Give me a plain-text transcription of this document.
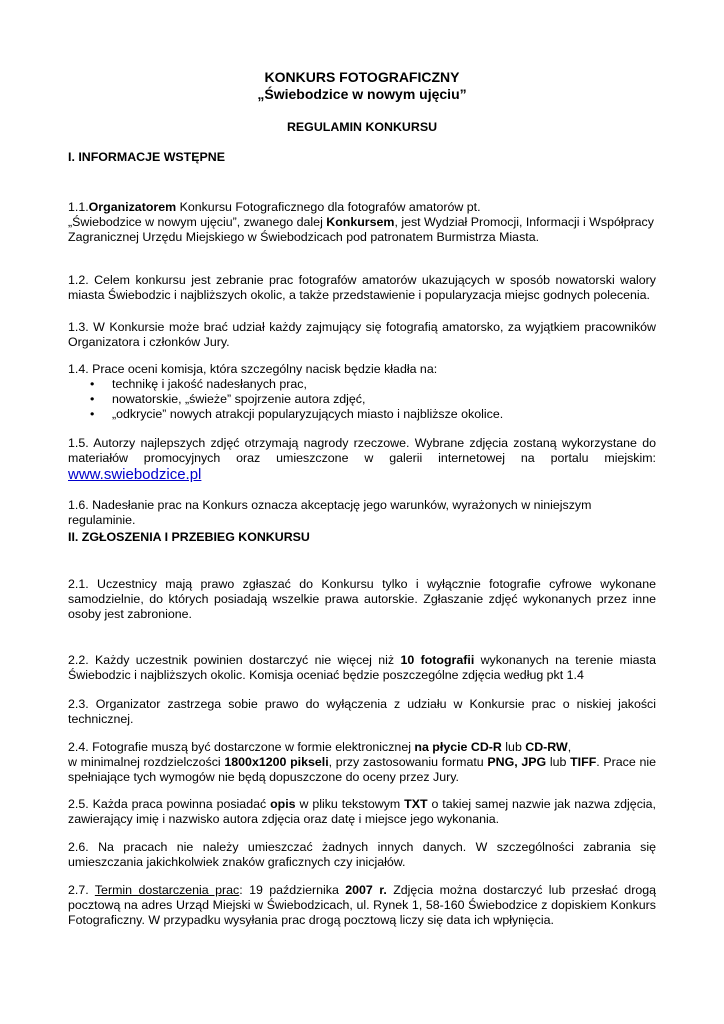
KONKURS FOTOGRAFICZNY

„Świebodzice w nowym ujęciu”

REGULAMIN KONKURSU

I. INFORMACJE WSTĘPNE

1.1.Organizatorem Konkursu Fotograficznego dla fotografów amatorów pt.
„Świebodzice w nowym ujęciu”, zwanego dalej Konkursem, jest Wydział Promocji, Informacji i Współpracy
Zagranicznej Urzędu Miejskiego w Świebodzicach pod patronatem Burmistrza Miasta.

1.2. Celem konkursu jest zebranie prac fotografów amatorów ukazujących w sposób nowatorski walory miasta Świebodzic i najbliższych okolic, a także przedstawienie i popularyzacja miejsc godnych polecenia.

1.3. W Konkursie może brać udział każdy zajmujący się fotografią amatorsko, za wyjątkiem pracowników Organizatora i członków Jury.

1.4. Prace oceni komisja, która szczególny nacisk będzie kładła na:
• technikę i jakość nadesłanych prac,
• nowatorskie, „świeże” spojrzenie autora zdjęć,
• „odkrycie” nowych atrakcji popularyzujących miasto i najbliższe okolice.
1.5. Autorzy najlepszych zdjęć otrzymają nagrody rzeczowe. Wybrane zdjęcia zostaną wykorzystane do
materiałów promocyjnych oraz umieszczone w galerii internetowej na portalu miejskim:
www.swiebodzice.pl

1.6. Nadesłanie prac na Konkurs oznacza akceptację jego warunków, wyrażonych w niniejszym regulaminie.

II. ZGŁOSZENIA I PRZEBIEG KONKURSU

2.1. Uczestnicy mają prawo zgłaszać do Konkursu tylko i wyłącznie fotografie cyfrowe wykonane samodzielnie, do których posiadają wszelkie prawa autorskie. Zgłaszanie zdjęć wykonanych przez inne osoby jest zabronione.

2.2. Każdy uczestnik powinien dostarczyć nie więcej niż 10 fotografii wykonanych na terenie miasta Świebodzic i najbliższych okolic. Komisja oceniać będzie poszczególne zdjęcia według pkt 1.4

2.3. Organizator zastrzega sobie prawo do wyłączenia z udziału w Konkursie prac o niskiej jakości technicznej.

2.4. Fotografie muszą być dostarczone w formie elektronicznej na płycie CD-R lub CD-RW,
w minimalnej rozdzielczości 1800x1200 pikseli, przy zastosowaniu formatu PNG, JPG lub TIFF. Prace nie spełniające tych wymogów nie będą dopuszczone do oceny przez Jury.

2.5. Każda praca powinna posiadać opis w pliku tekstowym TXT o takiej samej nazwie jak nazwa zdjęcia, zawierający imię i nazwisko autora zdjęcia oraz datę i miejsce jego wykonania.

2.6. Na pracach nie należy umieszczać żadnych innych danych. W szczególności zabrania się umieszczania jakichkolwiek znaków graficznych czy inicjałów.

2.7. Termin dostarczenia prac: 19 października 2007 r. Zdjęcia można dostarczyć lub przesłać drogą pocztową na adres Urząd Miejski w Świebodzicach, ul. Rynek 1, 58-160 Świebodzice z dopiskiem Konkurs Fotograficzny. W przypadku wysyłania prac drogą pocztową liczy się data ich wpłynięcia.
